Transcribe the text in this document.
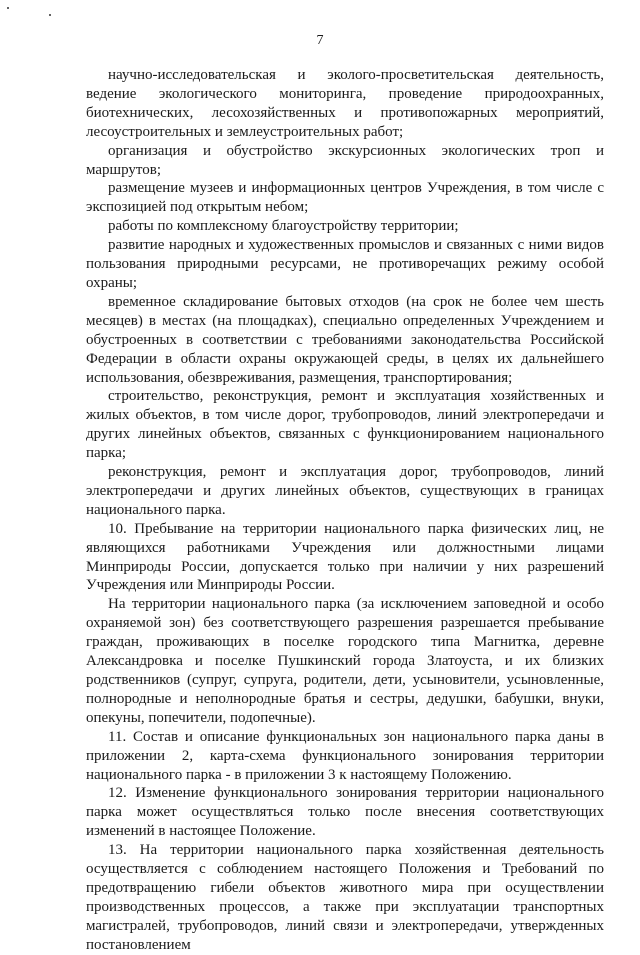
7

научно-исследовательская и эколого-просветительская деятельность, ведение экологического мониторинга, проведение природоохранных, биотехнических, лесохозяйственных и противопожарных мероприятий, лесоустроительных и землеустроительных работ;

организация и обустройство экскурсионных экологических троп и маршрутов;

размещение музеев и информационных центров Учреждения, в том числе с экспозицией под открытым небом;

работы по комплексному благоустройству территории;

развитие народных и художественных промыслов и связанных с ними видов пользования природными ресурсами, не противоречащих режиму особой охраны;

временное складирование бытовых отходов (на срок не более чем шесть месяцев) в местах (на площадках), специально определенных Учреждением и обустроенных в соответствии с требованиями законодательства Российской Федерации в области охраны окружающей среды, в целях их дальнейшего использования, обезвреживания, размещения, транспортирования;

строительство, реконструкция, ремонт и эксплуатация хозяйственных и жилых объектов, в том числе дорог, трубопроводов, линий электропередачи и других линейных объектов, связанных с функционированием национального парка;

реконструкция, ремонт и эксплуатация дорог, трубопроводов, линий электропередачи и других линейных объектов, существующих в границах национального парка.

10. Пребывание на территории национального парка физических лиц, не являющихся работниками Учреждения или должностными лицами Минприроды России, допускается только при наличии у них разрешений Учреждения или Минприроды России.

На территории национального парка (за исключением заповедной и особо охраняемой зон) без соответствующего разрешения разрешается пребывание граждан, проживающих в поселке городского типа Магнитка, деревне Александровка и поселке Пушкинский города Златоуста, и их близких родственников (супруг, супруга, родители, дети, усыновители, усыновленные, полнородные и неполнородные братья и сестры, дедушки, бабушки, внуки, опекуны, попечители, подопечные).

11. Состав и описание функциональных зон национального парка даны в приложении 2, карта-схема функционального зонирования территории национального парка - в приложении 3 к настоящему Положению.

12. Изменение функционального зонирования территории национального парка может осуществляться только после внесения соответствующих изменений в настоящее Положение.

13. На территории национального парка хозяйственная деятельность осуществляется с соблюдением настоящего Положения и Требований по предотвращению гибели объектов животного мира при осуществлении производственных процессов, а также при эксплуатации транспортных магистралей, трубопроводов, линий связи и электропередачи, утвержденных постановлением
